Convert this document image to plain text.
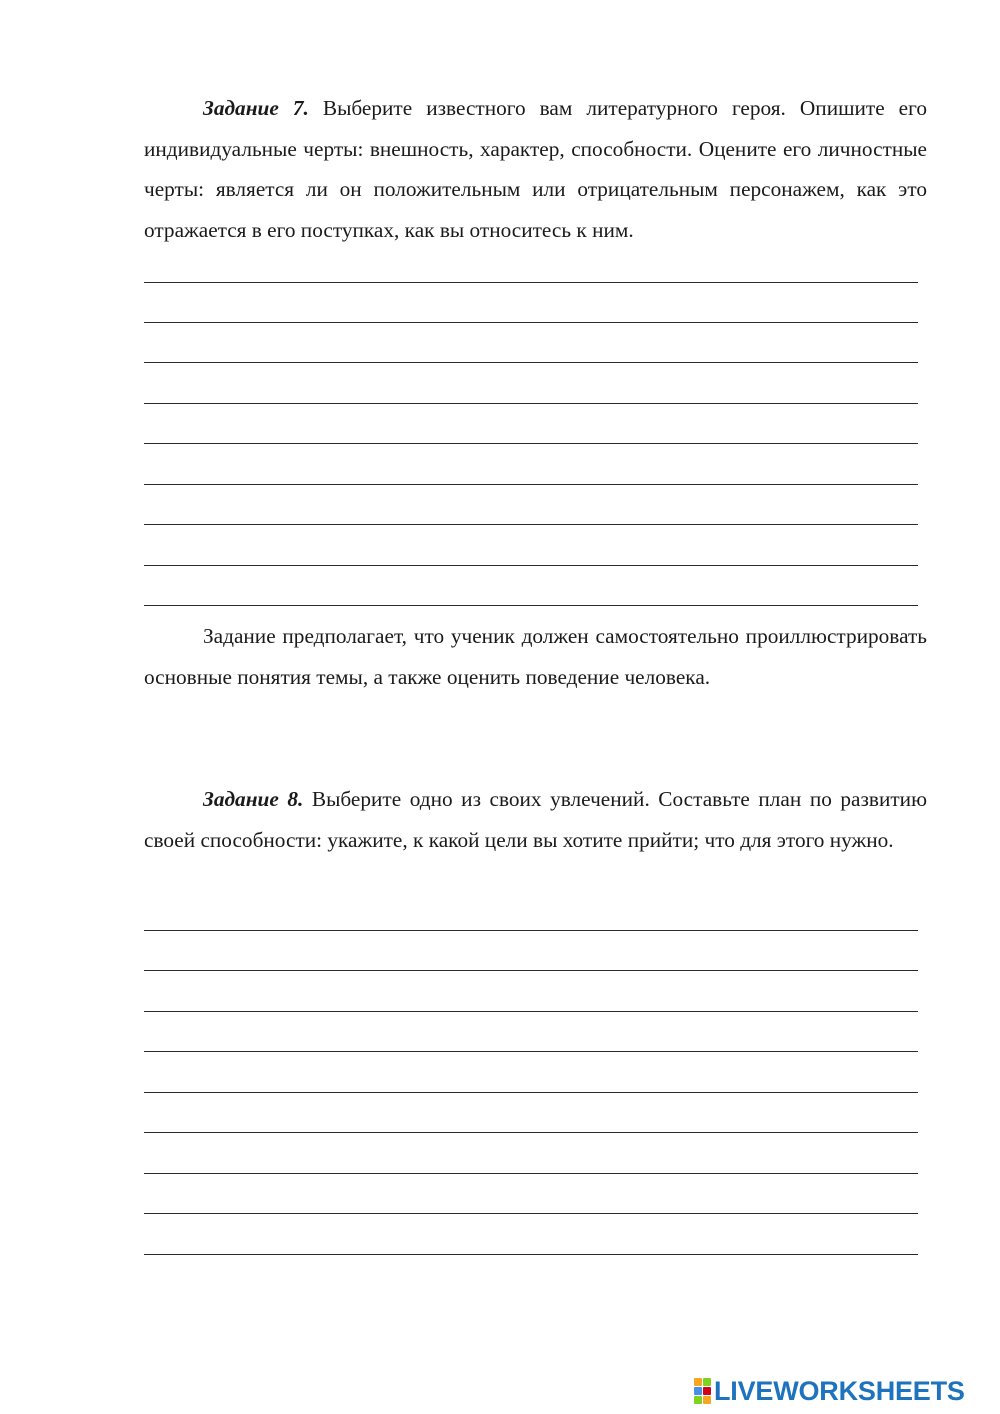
Задание 7. Выберите известного вам литературного героя. Опишите его индивидуальные черты: внешность, характер, способности. Оцените его личностные черты: является ли он положительным или отрицательным персонажем, как это отражается в его поступках, как вы относитесь к ним.

Задание предполагает, что ученик должен самостоятельно проиллюстрировать основные понятия темы, а также оценить поведение человека.

Задание 8. Выберите одно из своих увлечений. Составьте план по развитию своей способности: укажите, к какой цели вы хотите прийти; что для этого нужно.

LIVEWORKSHEETS
